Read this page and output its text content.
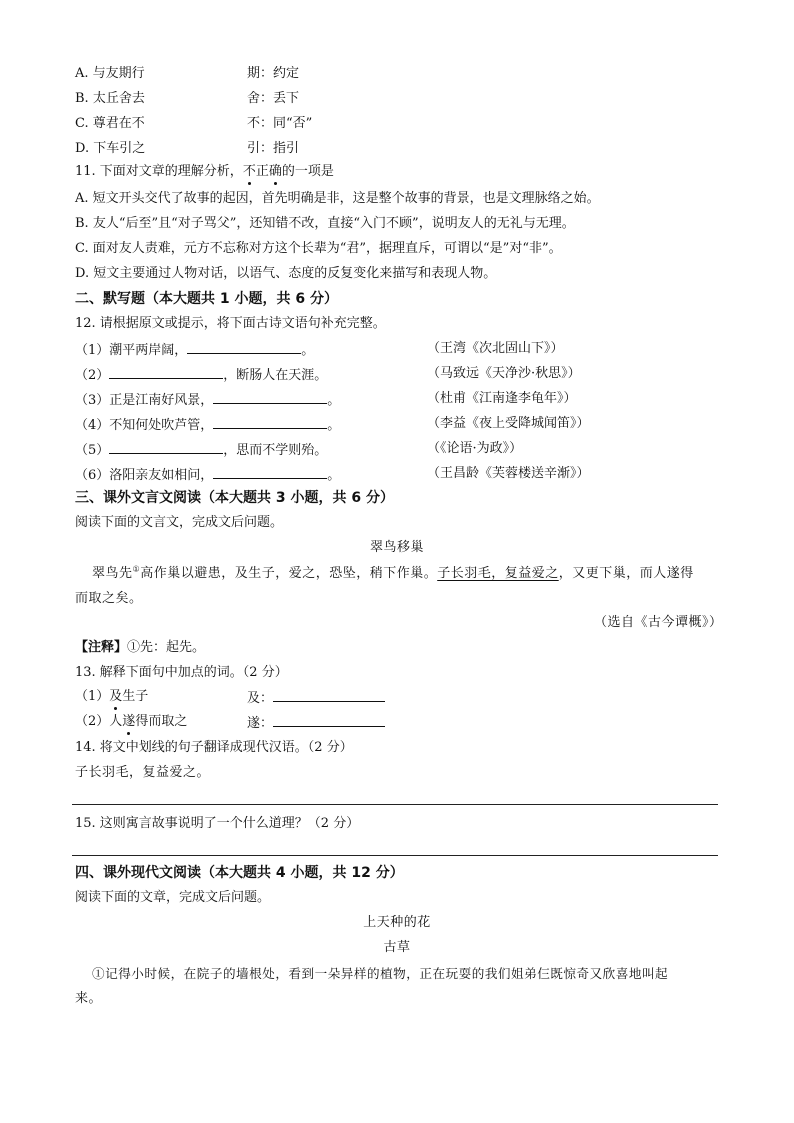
A. 与友期行	期：约定
B. 太丘舍去	舍：丢下
C. 尊君在不	不：同“否”
D. 下车引之	引：指引
11. 下面对文章的理解分析，不正确的一项是
A. 短文开头交代了故事的起因，首先明确是非，这是整个故事的背景，也是文理脉络之始。
B. 友人“后至”且“对子骂父”，还知错不改，直接“入门不顾”，说明友人的无礼与无理。
C. 面对友人责难，元方不忘称对方这个长辈为“君”，据理直斥，可谓以“是”对“非”。
D. 短文主要通过人物对话，以语气、态度的反复变化来描写和表现人物。
二、默写题（本大题共 1 小题，共 6 分）
12. 请根据原文或提示，将下面古诗文语句补充完整。
（1）潮平两岸阔，	。	（王湾《次北固山下》）
（2）	，断肠人在天涯。	（马致远《天净沙·秋思》）
（3）正是江南好风景，	。	（杜甫《江南逢李龟年》）
（4）不知何处吹芦管，	。	（李益《夜上受降城闻笛》）
（5）	，思而不学则殆。	（《论语·为政》）
（6）洛阳亲友如相问，	。	（王昌龄《芙蓉楼送辛渐》）
三、课外文言文阅读（本大题共 3 小题，共 6 分）
阅读下面的文言文，完成文后问题。
翠鸟移巢
翠鸟先①高作巢以避患，及生子，爱之，恐坠，稍下作巢。子长羽毛，复益爱之，又更下巢，而人遂得
而取之矣。
（选自《古今谭概》）
【注释】①先：起先。
13. 解释下面句中加点的词。（2 分）
（1）及生子	及：
（2）人遂得而取之	遂：
14. 将文中划线的句子翻译成现代汉语。（2 分）
子长羽毛，复益爱之。
15. 这则寓言故事说明了一个什么道理？（2 分）
四、课外现代文阅读（本大题共 4 小题，共 12 分）
阅读下面的文章，完成文后问题。
上天种的花
古草
①记得小时候，在院子的墙根处，看到一朵异样的植物，正在玩耍的我们姐弟仨既惊奇又欣喜地叫起
来。
